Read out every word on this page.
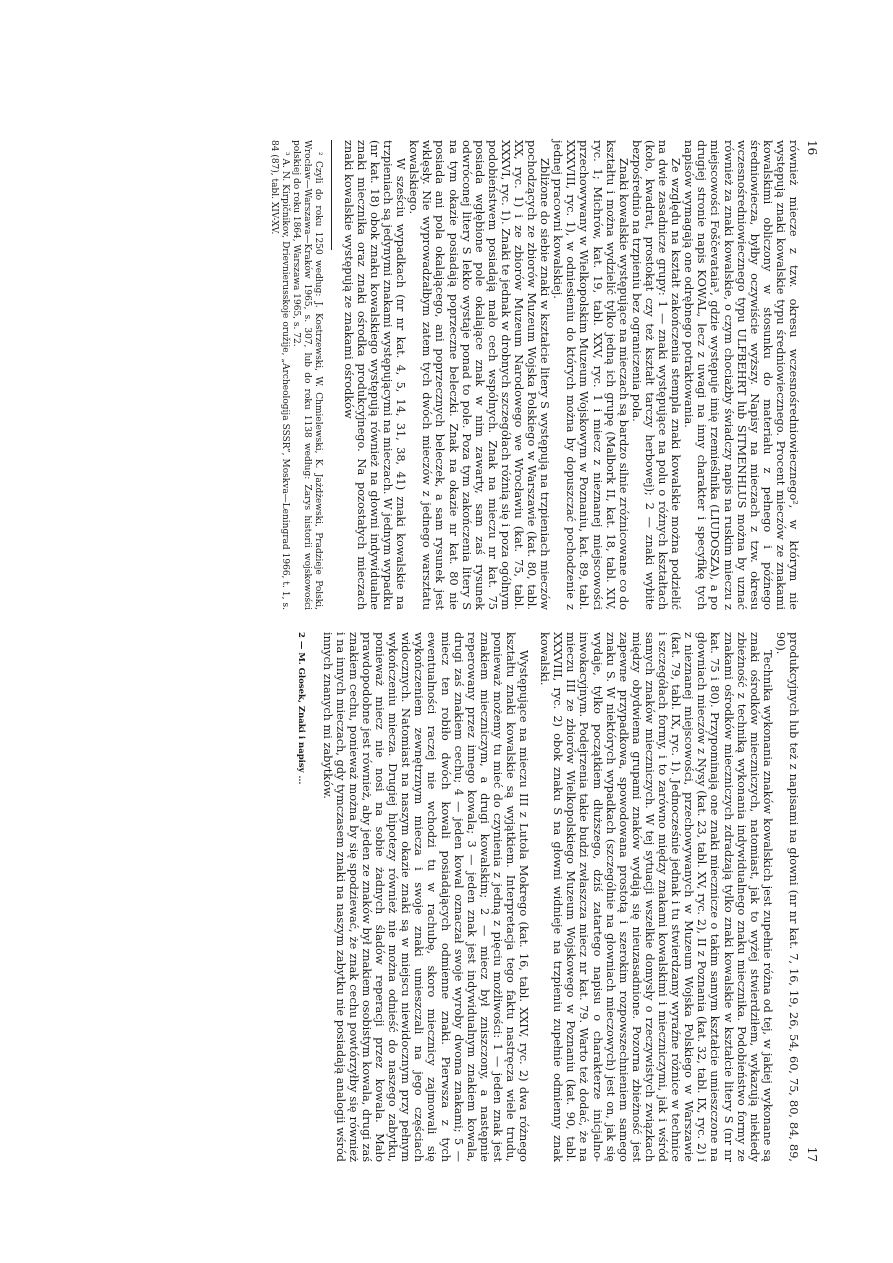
16

również miecze z tzw. okresu wczesnośredniowiecznego², w którym nie występują znaki kowalskie typu średniowiecznego. Procent mieczów ze znakami kowalskimi obliczony w stosunku do materiału z pełnego i późnego średniowiecza, byłby oczywiście wyższy. Napisy na mieczach z tzw. okresu wczesnośredniowiecznego typu ULFBEHRT lub SITMENHLUS można by uznać również za znaki kowalskie, o czym chociażby świadczy napis na ruskim mieczu z miejscowości Foščevataia³, gdzie występuje imię rzemieślnika (LIUDOSZA), a po drugiej stronie napis KOWAL, lecz z uwagi na inny charakter i specyfikę tych napisów wymagają one odrębnego potraktowania.

Ze względu na kształt zakończenia stempla znaki kowalskie można podzielić na dwie zasadnicze grupy: 1 — znaki występujące na polu o różnych kształtach (koło, kwadrat, prostokąt czy też kształt tarczy herbowej); 2 — znaki wybite bezpośrednio na trzpieniu bez ograniczenia pola.

Znaki kowalskie występujące na mieczach są bardzo silnie zróżnicowane co do kształtu i można wydzielić tylko jedną ich grupę (Malbork II, kat. 18, tabl. XIV, ryc. 1; Michrów, kat. 19, tabl. XXV, ryc. 1 i miecz z nieznanej miejscowości przechowywany w Wielkopolskim Muzeum Wojskowym w Poznaniu, kat. 89, tabl. XXXVIII, ryc. 1), w odniesieniu do których można by dopuszczać pochodzenie z jednej pracowni kowalskiej.

Zbliżone do siebie znaki w kształcie litery S występują na trzpieniach mieczów pochodzących ze zbiorów Muzeum Wojska Polskiego w Warszawie (kat. 80, tabl. XX, ryc. 1) i ze zbiorów Muzeum Narodowego we Wrocławiu (kat. 75, tabl. XXXVI, ryc. 1). Znaki te jednak w drobnych szczegółach różnią się i poza ogólnym podobieństwem posiadają mało cech wspólnych. Znak na mieczu nr kat. 75 posiada wgłębione pole okalające znak w nim zawarty, sam zaś rysunek odwróconej litery S lekko wystaje ponad to pole. Poza tym zakończenia litery S na tym okazie posiadają poprzeczne beleczki. Znak na okazie nr kat. 80 nie posiada ani pola okalającego, ani poprzecznych beleczek, a sam rysunek jest wklęsły. Nie wyprowadzałbym zatem tych dwóch mieczów z jednego warsztatu kowalskiego.

W sześciu wypadkach (nr nr kat. 4, 5, 14, 31, 38, 41) znaki kowalskie na trzpieniach są jedynymi znakami występującymi na mieczach. W jednym wypadku (nr kat. 18) obok znaku kowalskiego występują również na głowni indywidualne znaki miecznika oraz znaki ośrodka produkcyjnego. Na pozostałych mieczach znaki kowalskie występują ze znakami ośrodków

² Czyli do roku 1250 według: J. Kostrzewski, W. Chmielewski, K. Jażdżewski, Pradzieje Polski, Wrocław—Warszawa—Kraków 1965, s. 307, lub do roku 1138 według: Zarys historii wojskowości polskiej do roku 1864, Warszawa 1965, s. 72.

³ A. N. Kirpičnikov, Drievnierusskoje oružije, „Archeologija SSSR”, Moskva—Leningrad 1966, t. 1, s. 84 (87), tabl. XIV-XV.

17

produkcyjnych lub też z napisami na głowni (nr nr kat. 7, 16, 19, 26, 54, 60, 75, 80, 84, 89, 90).

Technika wykonania znaków kowalskich jest zupełnie różna od tej, w jakiej wykonane są znaki ośrodków mieczniczych, natomiast, jak to wyżej stwierdziłem, wykazują niekiedy zbieżność z techniką wykonania indywidualnego znaku miecznika. Podobieństwo formy ze znakami ośrodków mieczniczych zdradzają tylko znaki kowalskie w kształcie litery S (nr nr kat. 75 i 80). Przypominają one znaki miecznicze o takim samym kształcie umieszczone na głowniach mieczów z Nysy (kat. 23, tabl. XV, ryc. 2), II z Poznania (kat. 32, tabl. IX, ryc. 2) i z nieznanej miejscowości, przechowywanych w Muzeum Wojska Polskiego w Warszawie (kat. 79, tabl. IX, ryc. 1). Jednocześnie jednak i tu stwierdzamy wyraźne różnice w technice i szczegółach formy, i to zarówno między znakami kowalskimi i mieczniczymi, jak i wśród samych znaków mieczniczych. W tej sytuacji wszelkie domysły o rzeczywistych związkach między obydwiema grupami znaków wydają się nieuzasadnione. Pozorna zbieżność jest zapewne przypadkowa, spowodowana prostotą i szerokim rozpowszechnieniem samego znaku S. W niektórych wypadkach (szczególnie na głowniach mieczowych) jest on, jak się wydaje, tylko początkiem dłuższego, dziś zatartego napisu o charakterze inicjalno-inwokacyjnym. Podejrzenia takie budzi zwłaszcza miecz nr kat. 79. Warto też dodać, że na mieczu III ze zbiorów Wielkopolskiego Muzeum Wojskowego w Poznaniu (kat. 90, tabl. XXXVIII, ryc. 2) obok znaku S na głowni widnieje na trzpieniu zupełnie odmienny znak kowalski.

Występujące na mieczu III z Lutola Mokrego (kat. 16, tabl. XXIV, ryc. 2) dwa różnego kształtu znaki kowalskie są wyjątkiem. Interpretacja tego faktu nastręcza wiele trudu, ponieważ możemy tu mieć do czynienia z jedną z pięciu możliwości: 1 — jeden znak jest znakiem mieczniczym, a drugi kowalskim; 2 — miecz był zniszczony, a następnie reperowany przez innego kowala; 3 — jeden znak jest indywidualnym znakiem kowala, drugi zaś znakiem cechu; 4 — jeden kowal oznaczał swoje wyroby dwoma znakami; 5 — miecz ten robiło dwóch kowali posiadających odmienne znaki. Pierwsza z tych ewentualności raczej nie wchodzi tu w rachubę, skoro miecznicy zajmowali się wykończeniem zewnętrznym miecza i swoje znaki umieszczali na jego częściach widocznych. Natomiast na naszym okazie znaki są w miejscu niewidocznym przy pełnym wykończeniu miecza. Drugiej hipotezy również nie można odnieść do naszego zabytku, ponieważ miecz nie nosi na sobie żadnych śladów reperacji przez kowala. Mało prawdopodobne jest również, aby jeden ze znaków był znakiem osobistym kowala, drugi zaś znakiem cechu, ponieważ można by się spodziewać, że znak cechu powtórzyłby się również i na innych mieczach, gdy tymczasem znaki na naszym zabytku nie posiadają analogii wśród innych znanych mi zabytków.

2 — M. Głosek, Znaki i napisy ...
